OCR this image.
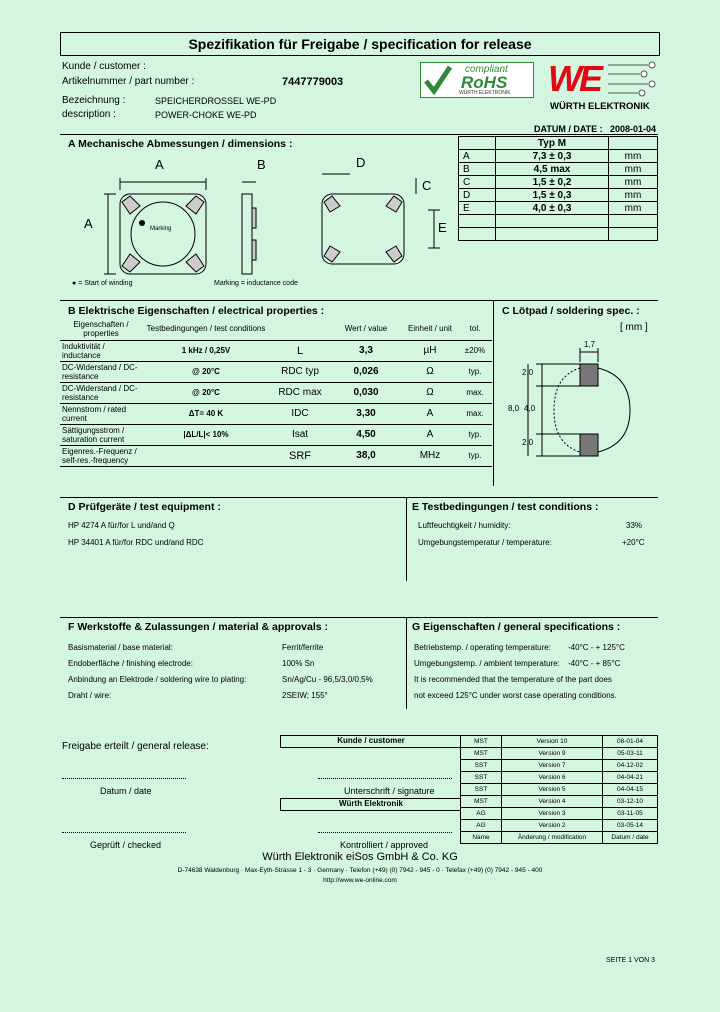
Spezifikation für Freigabe / specification for release
Kunde / customer :
Artikelnummer / part number :	7447779003
Bezeichnung :	SPEICHERDROSSEL WE-PD
description :	POWER-CHOKE WE-PD
compliant
RoHS
WÜRTH ELEKTRONIK WE
WÜRTH ELEKTRONIK
DATUM / DATE : 2008-01-04
A Mechanische Abmessungen / dimensions :
A
A
B	D
C
E
Marking
● = Start of winding	Marking = inductance code
	Typ M	
A	7,3 ± 0,3	mm
B	4,5 max	mm
C	1,5 ± 0,2	mm
D	1,5 ± 0,3	mm
E	4,0 ± 0,3	mm

B Elektrische Eigenschaften / electrical properties :
Eigenschaften / properties	Testbedingungen / test conditions		Wert / value	Einheit / unit	tol.
Induktivität / inductance	1 kHz / 0,25V	L	3,3	µH	±20%
DC-Widerstand / DC-resistance	@ 20°C	RDC typ	0,026	Ω	typ.
DC-Widerstand / DC-resistance	@ 20°C	RDC max	0,030	Ω	max.
Nennstrom / rated current	ΔT= 40 K	IDC	3,30	A	max.
Sättigungsstrom / saturation current	|ΔL/L|< 10%	Isat	4,50	A	typ.
Eigenres.-Frequenz / self-res.-frequency		SRF	38,0	MHz	typ.
C Lötpad / soldering spec. :
[ mm ]
1,7
2,0
8,0 4,0
2,0
D Prüfgeräte / test equipment :
HP 4274 A für/for L und/and Q
HP 34401 A für/for RDC und/and RDC
E Testbedingungen / test conditions :
Luftfeuchtigkeit / humidity:	33%
Umgebungstemperatur / temperature:	+20°C
F Werkstoffe & Zulassungen / material & approvals :
Basismaterial / base material:	Ferrit/ferrite
Endoberfläche / finishing electrode:	100% Sn
Anbindung an Elektrode / soldering wire to plating:	Sn/Ag/Cu - 96,5/3,0/0,5%
Draht / wire:	2SEIW; 155°
G Eigenschaften / general specifications :
Betriebstemp. / operating temperature: -40°C - + 125°C
Umgebungstemp. / ambient temperature: -40°C - + 85°C
It is recommended that the temperature of the part does
not exceed 125°C under worst case operating conditions.
Freigabe erteilt / general release:
Kunde / customer
Datum / date	Unterschrift / signature
Würth Elektronik
Geprüft / checked	Kontrolliert / approved
MST	Version 10	08-01-04
MST	Version 9	05-03-11
SST	Version 7	04-12-02
SST	Version 6	04-04-21
SST	Version 5	04-04-15
MST	Version 4	03-12-10
AG	Version 3	03-11-05
AG	Version 2	03-05-14
Name	Änderung / modification	Datum / date
Würth Elektronik eiSos GmbH & Co. KG
D-74638 Waldenburg · Max-Eyth-Strasse 1 - 3 · Germany · Telefon (+49) (0) 7942 - 945 - 0 · Telefax (+49) (0) 7942 - 945 - 400
http://www.we-online.com
SEITE 1 VON 3
